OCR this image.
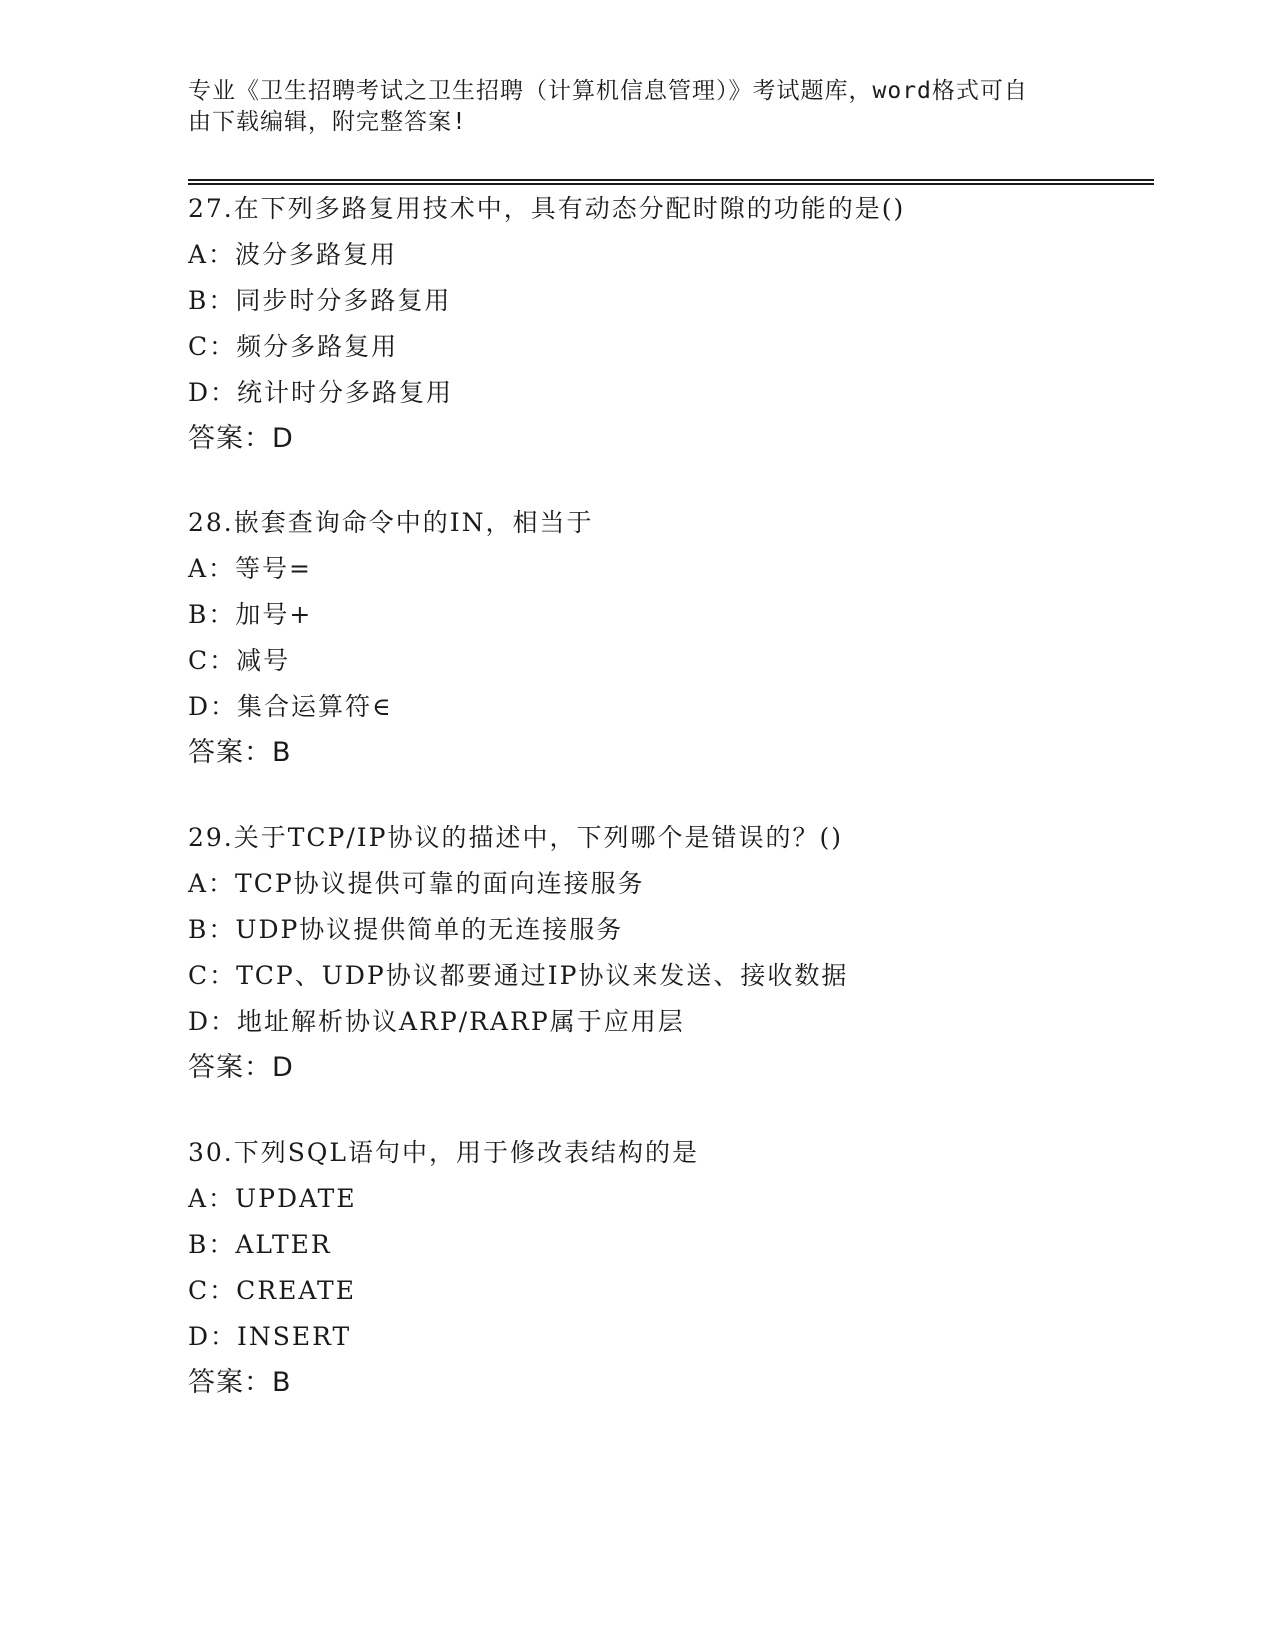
专业《卫生招聘考试之卫生招聘（计算机信息管理）》考试题库，word格式可自
由下载编辑，附完整答案!
27.在下列多路复用技术中，具有动态分配时隙的功能的是()
A：波分多路复用
B：同步时分多路复用
C：频分多路复用
D：统计时分多路复用
答案：D
28.嵌套查询命令中的IN，相当于
A：等号=
B：加号+
C：减号
D：集合运算符∈
答案：B
29.关于TCP/IP协议的描述中，下列哪个是错误的？()
A：TCP协议提供可靠的面向连接服务
B：UDP协议提供简单的无连接服务
C：TCP、UDP协议都要通过IP协议来发送、接收数据
D：地址解析协议ARP/RARP属于应用层
答案：D
30.下列SQL语句中，用于修改表结构的是
A：UPDATE
B：ALTER
C：CREATE
D：INSERT
答案：B
